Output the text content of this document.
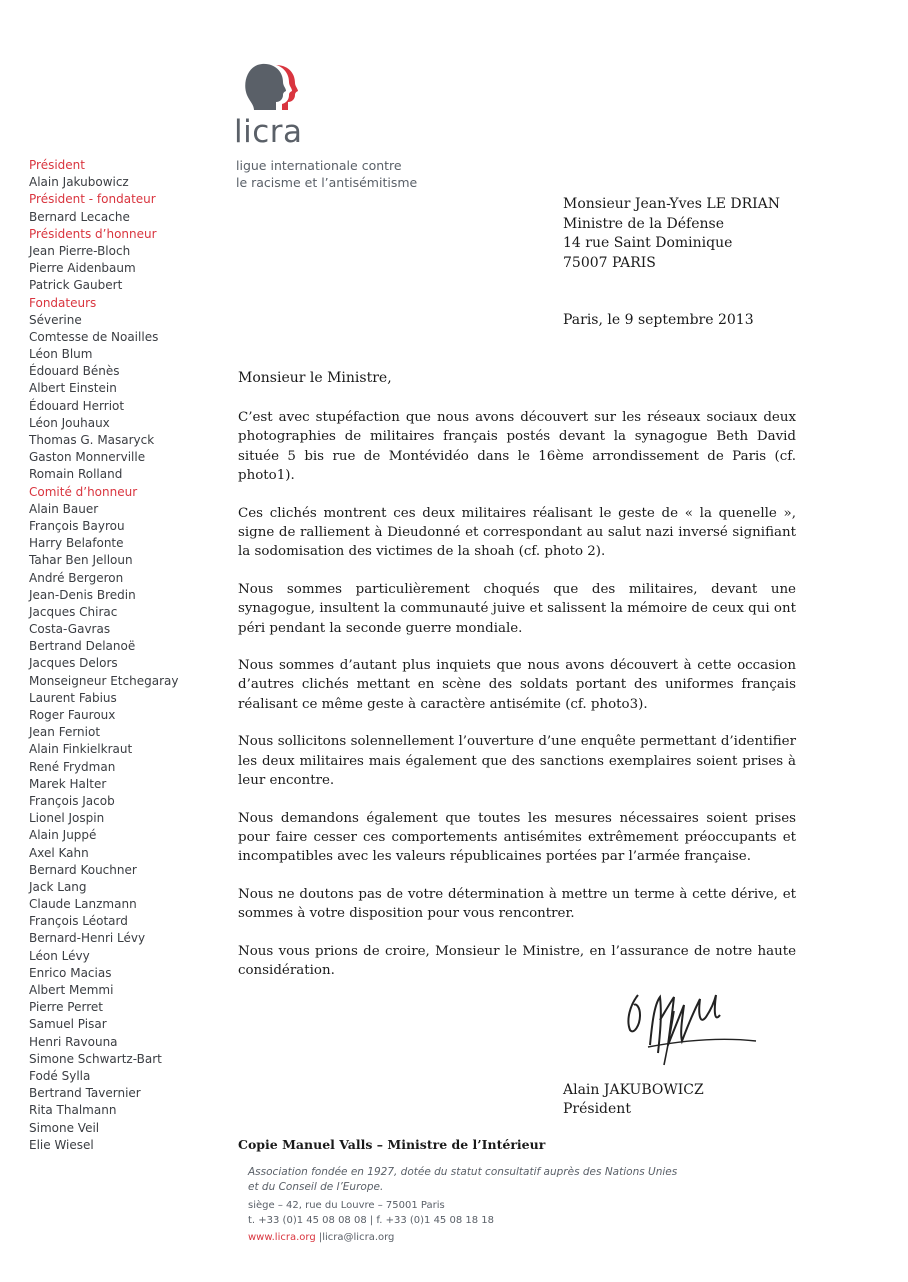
licra
ligue internationale contre
le racisme et l’antisémitisme
Président
Alain Jakubowicz
Président - fondateur
Bernard Lecache
Présidents d’honneur
Jean Pierre-Bloch
Pierre Aidenbaum
Patrick Gaubert
Fondateurs
Séverine
Comtesse de Noailles
Léon Blum
Édouard Bénès
Albert Einstein
Édouard Herriot
Léon Jouhaux
Thomas G. Masaryck
Gaston Monnerville
Romain Rolland
Comité d’honneur
Alain Bauer
François Bayrou
Harry Belafonte
Tahar Ben Jelloun
André Bergeron
Jean-Denis Bredin
Jacques Chirac
Costa-Gavras
Bertrand Delanoë
Jacques Delors
Monseigneur Etchegaray
Laurent Fabius
Roger Fauroux
Jean Ferniot
Alain Finkielkraut
René Frydman
Marek Halter
François Jacob
Lionel Jospin
Alain Juppé
Axel Kahn
Bernard Kouchner
Jack Lang
Claude Lanzmann
François Léotard
Bernard-Henri Lévy
Léon Lévy
Enrico Macias
Albert Memmi
Pierre Perret
Samuel Pisar
Henri Ravouna
Simone Schwartz-Bart
Fodé Sylla
Bertrand Tavernier
Rita Thalmann
Simone Veil
Elie Wiesel
Monsieur Jean-Yves LE DRIAN
Ministre de la Défense
14 rue Saint Dominique
75007 PARIS
Paris, le 9 septembre 2013
Monsieur le Ministre,

C’est avec stupéfaction que nous avons découvert sur les réseaux sociaux deux photographies de militaires français postés devant la synagogue Beth David située 5 bis rue de Montévidéo dans le 16ème arrondissement de Paris (cf. photo1).

Ces clichés montrent ces deux militaires réalisant le geste de « la quenelle », signe de ralliement à Dieudonné et correspondant au salut nazi inversé signifiant la sodomisation des victimes de la shoah (cf. photo 2).

Nous sommes particulièrement choqués que des militaires, devant une synagogue, insultent la communauté juive et salissent la mémoire de ceux qui ont péri pendant la seconde guerre mondiale.

Nous sommes d’autant plus inquiets que nous avons découvert à cette occasion d’autres clichés mettant en scène des soldats portant des uniformes français réalisant ce même geste à caractère antisémite (cf. photo3).

Nous sollicitons solennellement l’ouverture d’une enquête permettant d’identifier les deux militaires mais également que des sanctions exemplaires soient prises à leur encontre.

Nous demandons également que toutes les mesures nécessaires soient prises pour faire cesser ces comportements antisémites extrêmement préoccupants et incompatibles avec les valeurs républicaines portées par l’armée française.

Nous ne doutons pas de votre détermination à mettre un terme à cette dérive, et sommes à votre disposition pour vous rencontrer.

Nous vous prions de croire, Monsieur le Ministre, en l’assurance de notre haute considération.

Alain JAKUBOWICZ
Président
Copie Manuel Valls – Ministre de l’Intérieur
Association fondée en 1927, dotée du statut consultatif auprès des Nations Unies
et du Conseil de l’Europe.
siège – 42, rue du Louvre – 75001 Paris
t. +33 (0)1 45 08 08 08 | f. +33 (0)1 45 08 18 18
www.licra.org |licra@licra.org
